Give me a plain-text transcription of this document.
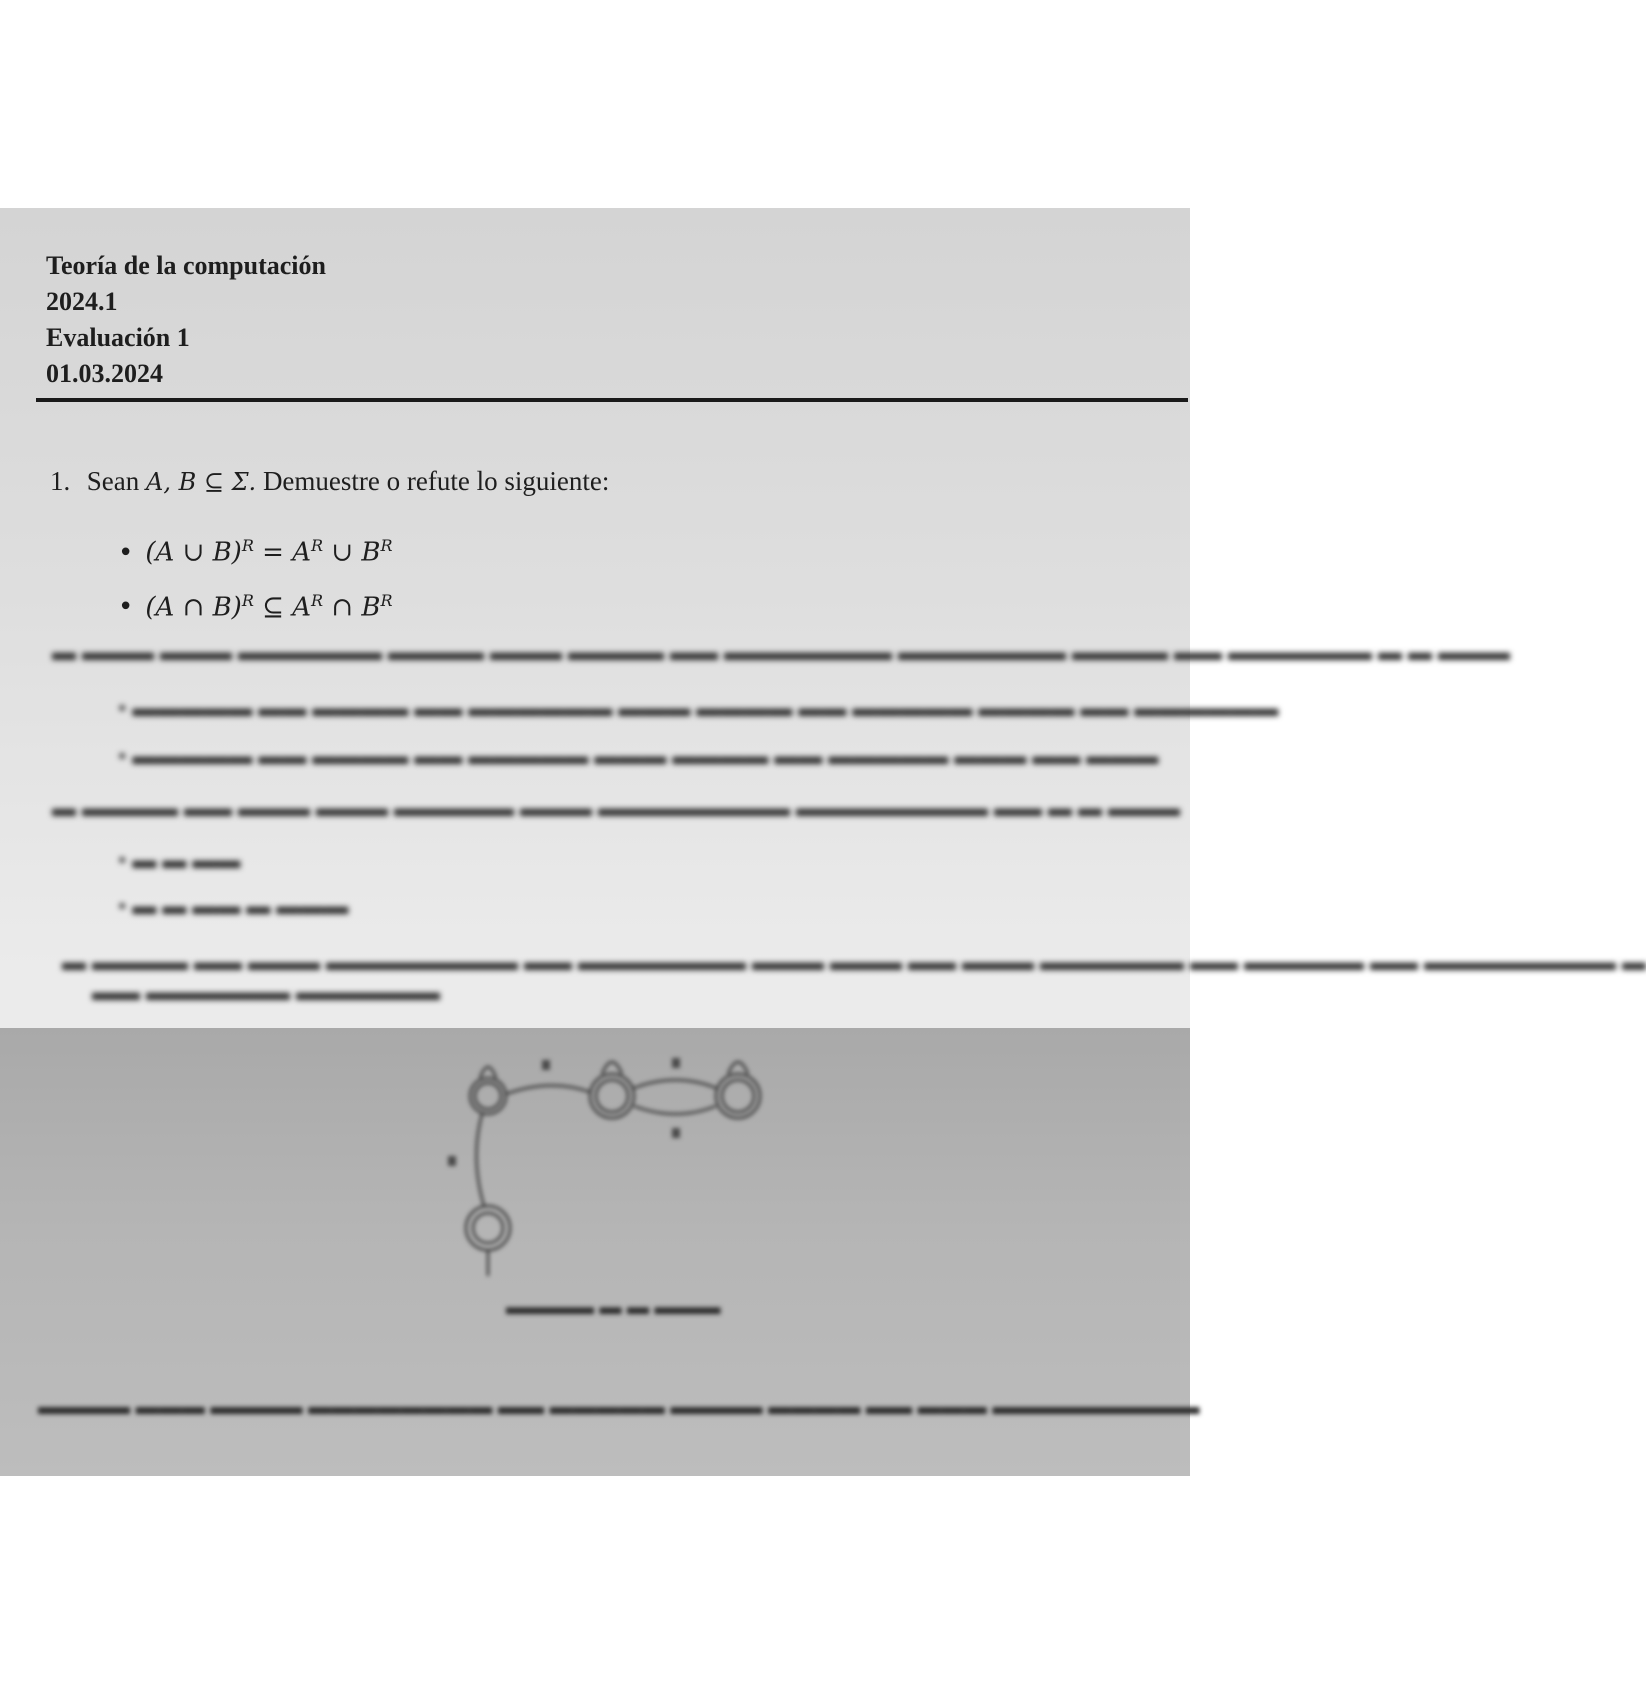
Teoría de la computación
2024.1
Evaluación 1
01.03.2024
1. Sean A, B ⊆ Σ. Demuestre o refute lo siguiente:
• (A ∪ $B)^R = A^R$ ∪ $B^R$
• (A ∩ B)$^R$ ⊆ $A^R$ ∩ $B^R$
▬ ▬▬▬ ▬▬▬ ▬▬▬▬▬▬ ▬▬▬▬ ▬▬▬ ▬▬▬▬ ▬▬ ▬▬▬▬▬▬▬ ▬▬▬▬▬▬▬ ▬▬▬▬ ▬▬ ▬▬▬▬▬▬ ▬ ▬ ▬▬▬
• ▬▬▬▬▬ ▬▬ ▬▬▬▬ ▬▬ ▬▬▬▬▬▬ ▬▬▬ ▬▬▬▬ ▬▬ ▬▬▬▬▬ ▬▬▬▬ ▬▬ ▬▬▬▬▬▬
• ▬▬▬▬▬ ▬▬ ▬▬▬▬ ▬▬ ▬▬▬▬▬ ▬▬▬ ▬▬▬▬ ▬▬ ▬▬▬▬▬ ▬▬▬ ▬▬ ▬▬▬
▬ ▬▬▬▬ ▬▬ ▬▬▬ ▬▬▬ ▬▬▬▬▬ ▬▬▬ ▬▬▬▬▬▬▬▬ ▬▬▬▬▬▬▬▬ ▬▬ ▬ ▬ ▬▬▬
• ▬ ▬ ▬▬
• ▬ ▬ ▬▬ ▬ ▬▬▬
▬ ▬▬▬▬ ▬▬ ▬▬▬ ▬▬▬▬▬▬▬▬ ▬▬ ▬▬▬▬▬▬▬ ▬▬▬ ▬▬▬ ▬▬ ▬▬▬ ▬▬▬▬▬▬ ▬▬ ▬▬▬▬▬ ▬▬ ▬▬▬▬▬▬▬▬ ▬
▬▬ ▬▬▬▬▬▬ ▬▬▬▬▬▬
▬▬▬▬ ▬ ▬ ▬▬▬
▬▬▬▬ ▬▬▬ ▬▬▬▬ ▬▬▬▬▬▬▬▬ ▬▬ ▬▬▬▬▬ ▬▬▬▬ ▬▬▬▬ ▬▬ ▬▬▬ ▬▬▬▬▬▬▬▬▬
